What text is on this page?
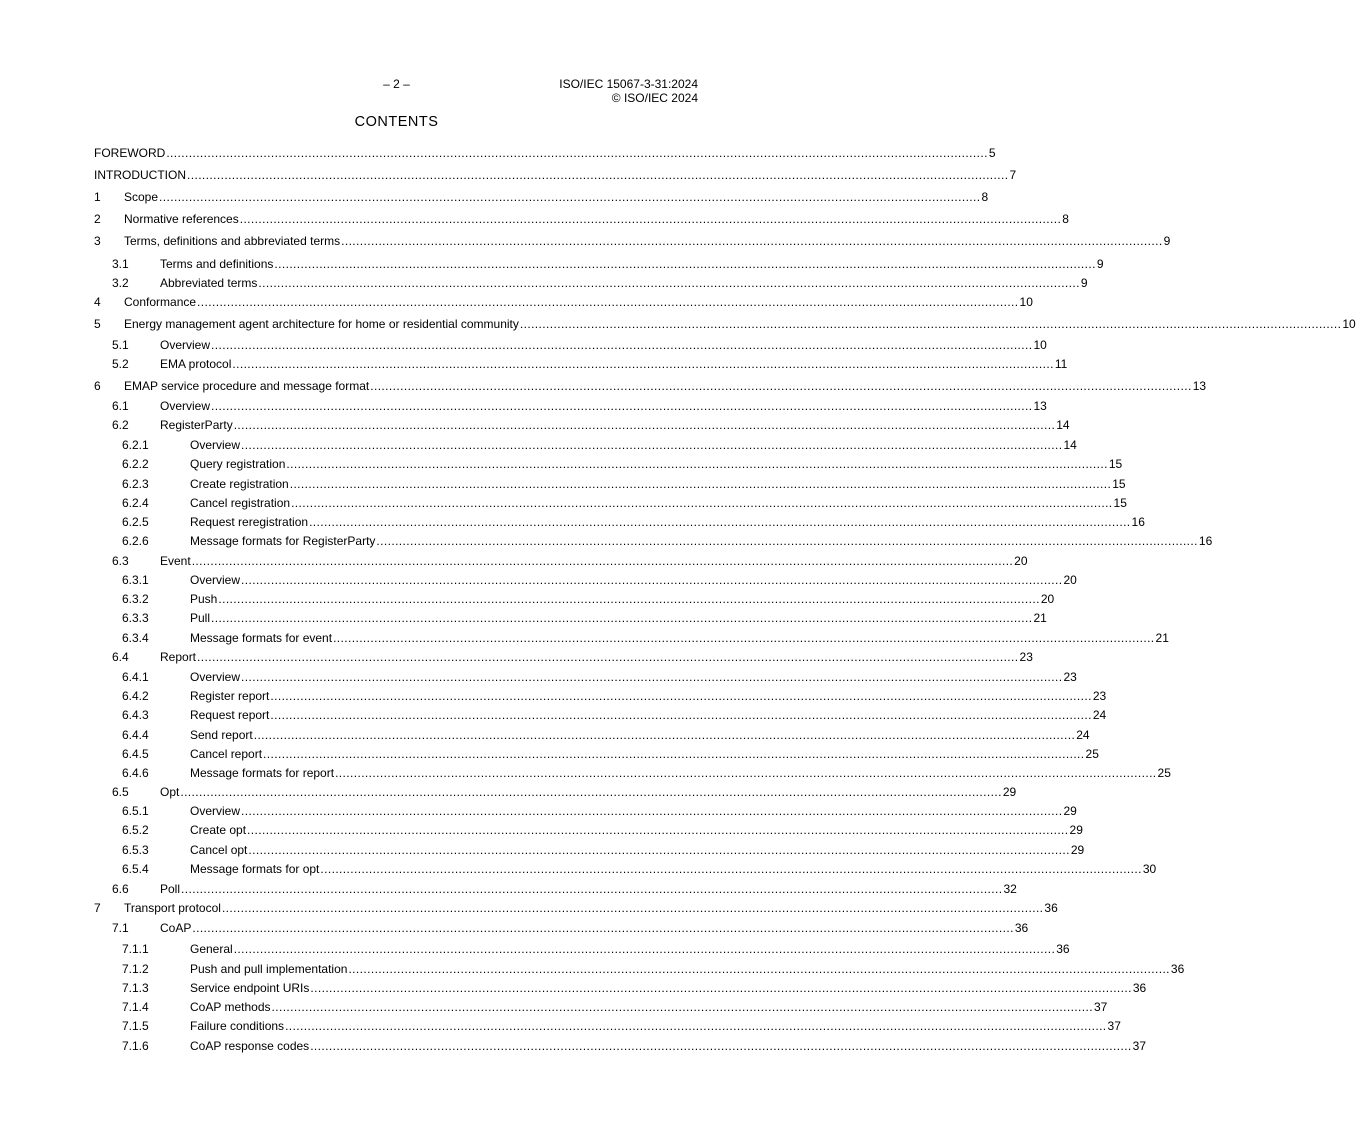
– 2 –	ISO/IEC 15067-3-31:2024
© ISO/IEC 2024
CONTENTS
FOREWORD ............................................................................................................................................................................................................................ 5
INTRODUCTION ............................................................................................................................................................................................................................ 7
1 Scope ............................................................................................................................................................................................................................ 8
2 Normative references ............................................................................................................................................................................................................................ 8
3 Terms, definitions and abbreviated terms ............................................................................................................................................................................................................................ 9
3.1	Terms and definitions ............................................................................................................................................................................................................................ 9
3.2	Abbreviated terms ............................................................................................................................................................................................................................ 9
4 Conformance ............................................................................................................................................................................................................................ 10
5 Energy management agent architecture for home or residential community ............................................................................................................................................................................................................................ 10
5.1	Overview ............................................................................................................................................................................................................................ 10
5.2	EMA protocol ............................................................................................................................................................................................................................ 11
6 EMAP service procedure and message format ............................................................................................................................................................................................................................ 13
6.1	Overview ............................................................................................................................................................................................................................ 13
6.2	RegisterParty ............................................................................................................................................................................................................................ 14
6.2.1	Overview ............................................................................................................................................................................................................................ 14
6.2.2	Query registration ............................................................................................................................................................................................................................ 15
6.2.3	Create registration ............................................................................................................................................................................................................................ 15
6.2.4	Cancel registration ............................................................................................................................................................................................................................ 15
6.2.5	Request reregistration ............................................................................................................................................................................................................................ 16
6.2.6	Message formats for RegisterParty ............................................................................................................................................................................................................................ 16
6.3	Event ............................................................................................................................................................................................................................ 20
6.3.1	Overview ............................................................................................................................................................................................................................ 20
6.3.2	Push ............................................................................................................................................................................................................................ 20
6.3.3	Pull ............................................................................................................................................................................................................................ 21
6.3.4	Message formats for event ............................................................................................................................................................................................................................ 21
6.4	Report ............................................................................................................................................................................................................................ 23
6.4.1	Overview ............................................................................................................................................................................................................................ 23
6.4.2	Register report ............................................................................................................................................................................................................................ 23
6.4.3	Request report ............................................................................................................................................................................................................................ 24
6.4.4	Send report ............................................................................................................................................................................................................................ 24
6.4.5	Cancel report ............................................................................................................................................................................................................................ 25
6.4.6	Message formats for report ............................................................................................................................................................................................................................ 25
6.5	Opt ............................................................................................................................................................................................................................ 29
6.5.1	Overview ............................................................................................................................................................................................................................ 29
6.5.2	Create opt ............................................................................................................................................................................................................................ 29
6.5.3	Cancel opt ............................................................................................................................................................................................................................ 29
6.5.4	Message formats for opt ............................................................................................................................................................................................................................ 30
6.6	Poll ............................................................................................................................................................................................................................ 32
7 Transport protocol ............................................................................................................................................................................................................................ 36
7.1	CoAP ............................................................................................................................................................................................................................ 36
7.1.1	General ............................................................................................................................................................................................................................ 36
7.1.2	Push and pull implementation ............................................................................................................................................................................................................................ 36
7.1.3	Service endpoint URIs ............................................................................................................................................................................................................................ 36
7.1.4	CoAP methods ............................................................................................................................................................................................................................ 37
7.1.5	Failure conditions ............................................................................................................................................................................................................................ 37
7.1.6	CoAP response codes ............................................................................................................................................................................................................................ 37
